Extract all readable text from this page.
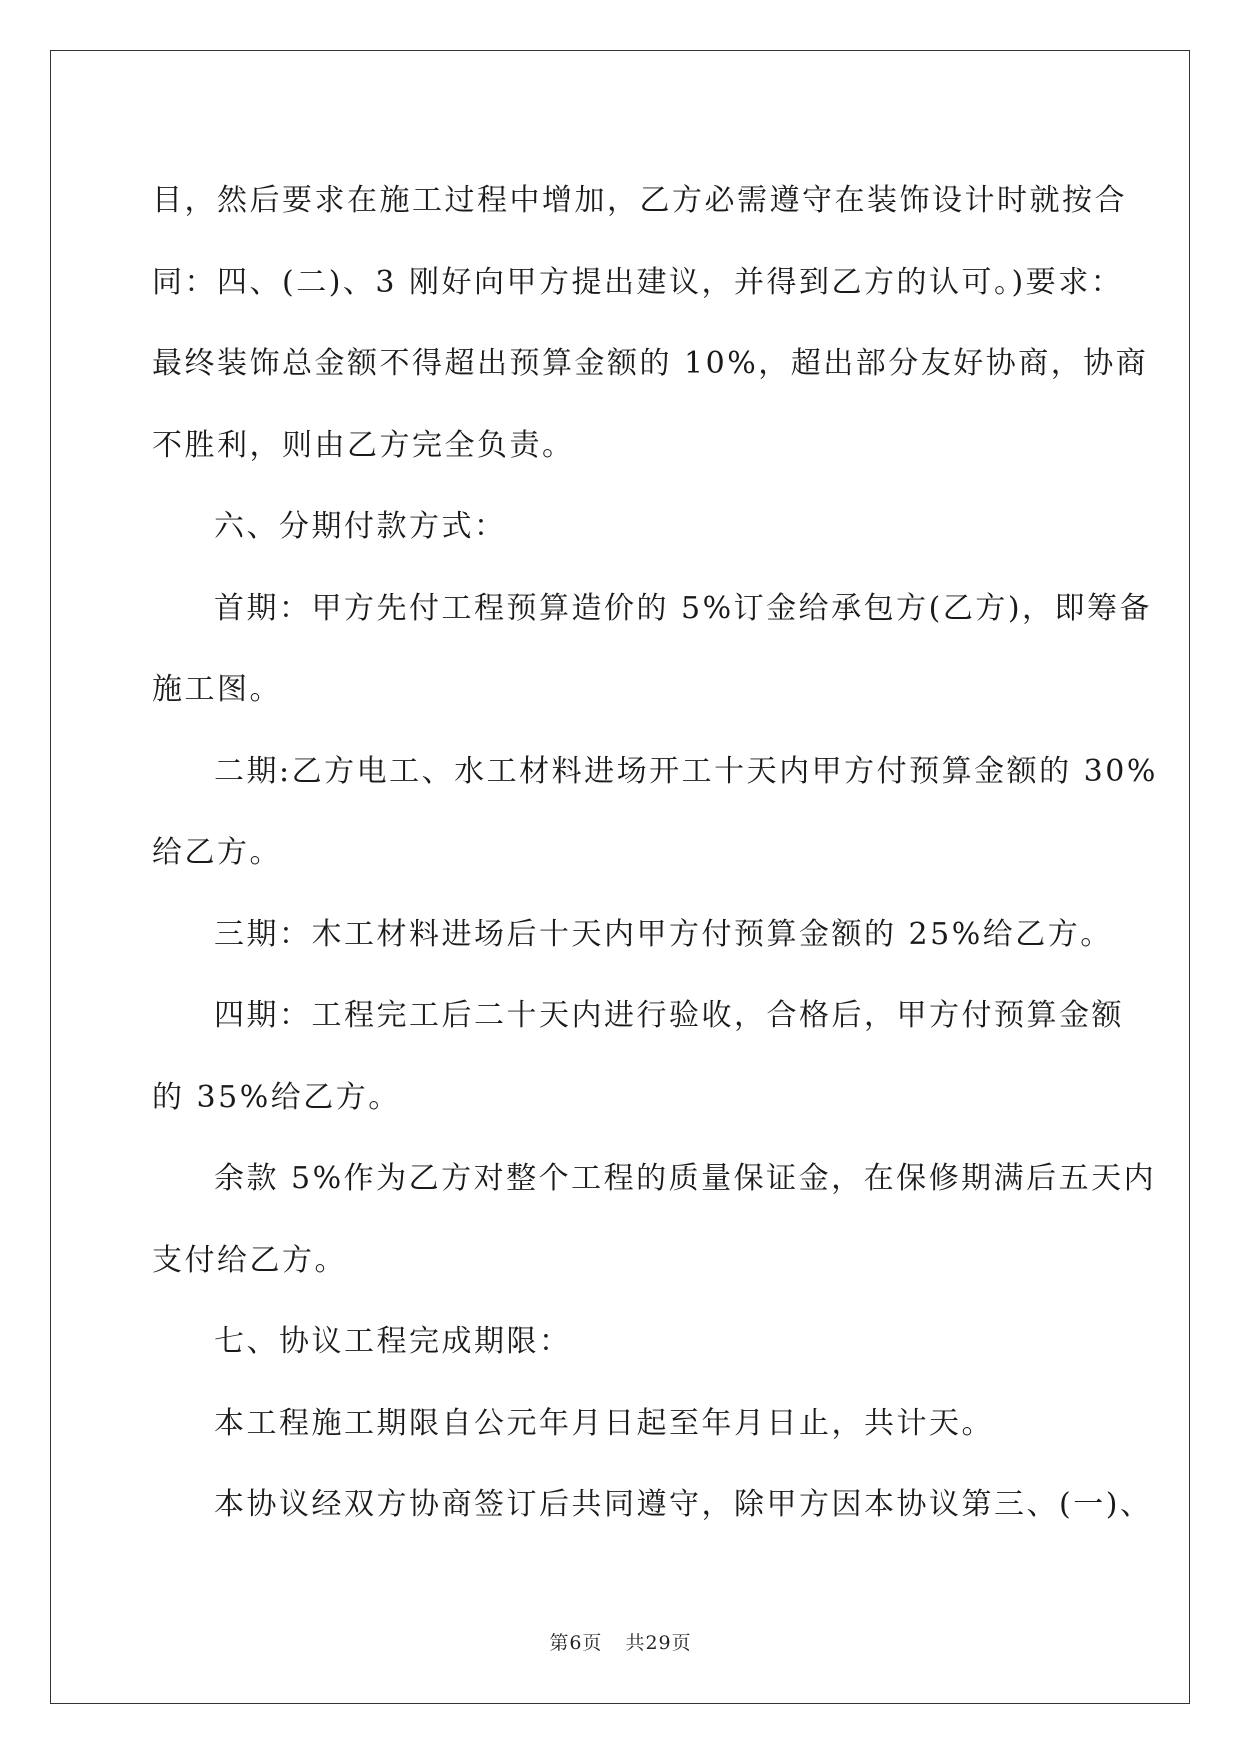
目，然后要求在施工过程中增加，乙方必需遵守在装饰设计时就按合

同：四、(二)、3 刚好向甲方提出建议，并得到乙方的认可。)要求：

最终装饰总金额不得超出预算金额的 10%，超出部分友好协商，协商

不胜利，则由乙方完全负责。

六、分期付款方式：

首期：甲方先付工程预算造价的 5%订金给承包方(乙方)，即筹备

施工图。

二期:乙方电工、水工材料进场开工十天内甲方付预算金额的 30%

给乙方。

三期：木工材料进场后十天内甲方付预算金额的 25%给乙方。

四期：工程完工后二十天内进行验收，合格后，甲方付预算金额

的 35%给乙方。

余款 5%作为乙方对整个工程的质量保证金，在保修期满后五天内

支付给乙方。

七、协议工程完成期限：

本工程施工期限自公元年月日起至年月日止，共计天。

本协议经双方协商签订后共同遵守，除甲方因本协议第三、(一)、

第6页 共29页
